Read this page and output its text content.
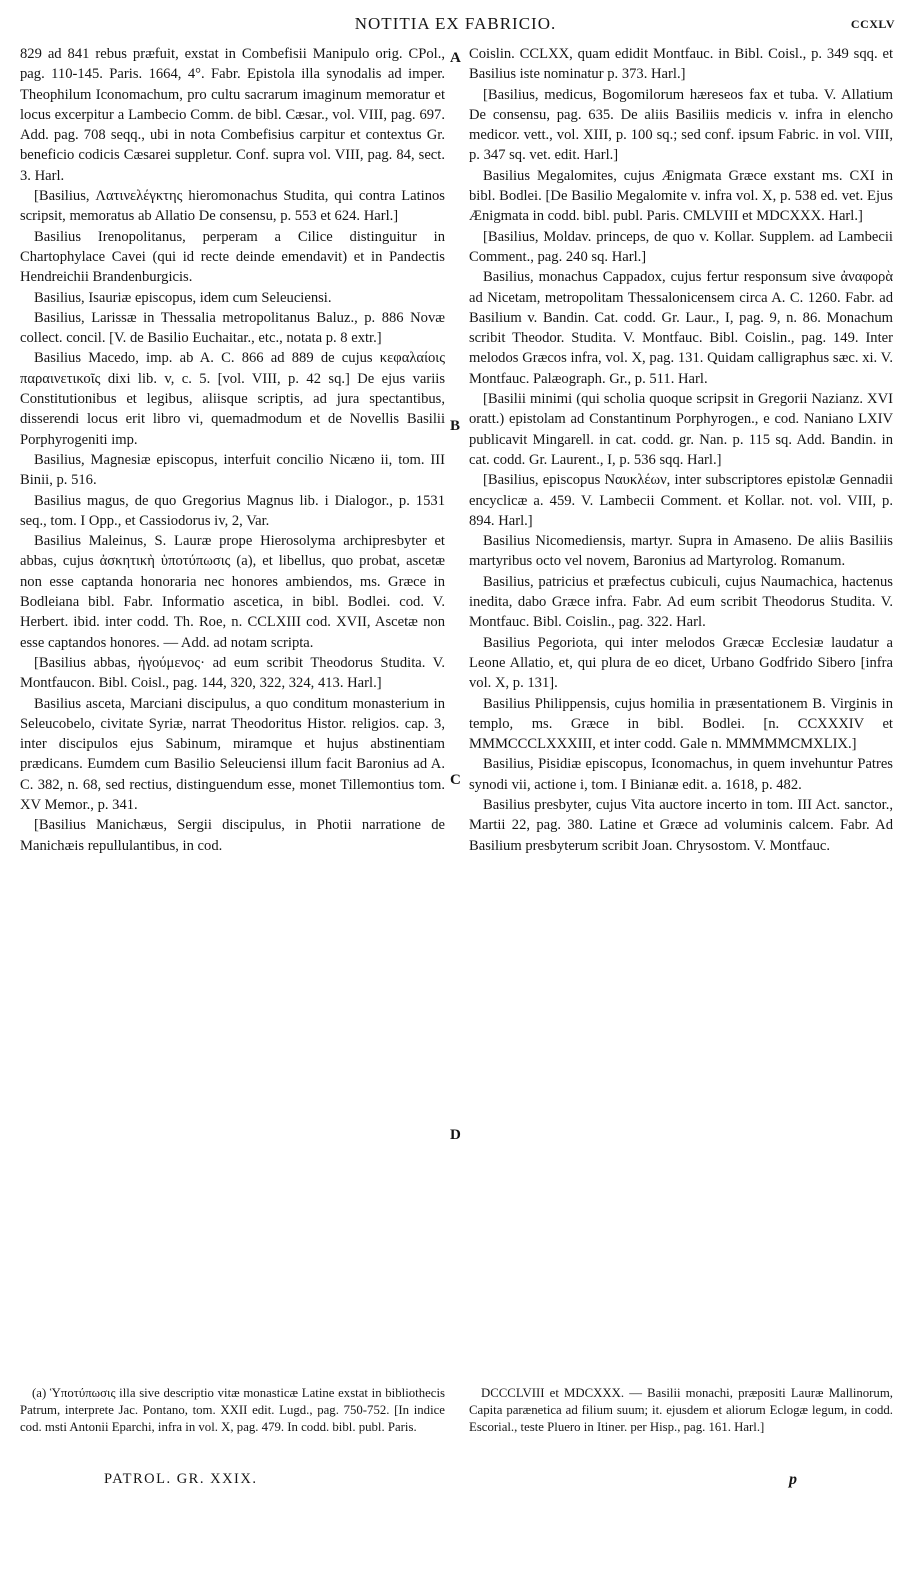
NOTITIA EX FABRICIO.	CCXLV

829 ad 841 rebus præfuit, exstat in Combefisii Manipulo orig. CPol., pag. 110-145. Paris. 1664, 4°. Fabr. Epistola illa synodalis ad imper. Theophilum Iconomachum, pro cultu sacrarum imaginum memoratur et locus excerpitur a Lambecio Comm. de bibl. Cæsar., vol. VIII, pag. 697. Add. pag. 708 seqq., ubi in nota Combefisius carpitur et contextus Gr. beneficio codicis Cæsarei suppletur. Conf. supra vol. VIII, pag. 84, sect. 3. Harl.

[Basilius, Λατινελέγκτης hieromonachus Studita, qui contra Latinos scripsit, memoratus ab Allatio De consensu, p. 553 et 624. Harl.]

Basilius Irenopolitanus, perperam a Cilice distinguitur in Chartophylace Cavei (qui id recte deinde emendavit) et in Pandectis Hendreichii Brandenburgicis.

Basilius, Isauriæ episcopus, idem cum Seleuciensi.

Basilius, Larissæ in Thessalia metropolitanus Baluz., p. 886 Novæ collect. concil. [V. de Basilio Euchaitar., etc., notata p. 8 extr.]

Basilius Macedo, imp. ab A. C. 866 ad 889 de cujus κεφαλαίοις παραινετικοῖς dixi lib. v, c. 5. [vol. VIII, p. 42 sq.] De ejus variis Constitutionibus et legibus, aliisque scriptis, ad jura spectantibus, disserendi locus erit libro vi, quemadmodum et de Novellis Basilii Porphyrogeniti imp.

Basilius, Magnesiæ episcopus, interfuit concilio Nicæno ii, tom. III Binii, p. 516.

Basilius magus, de quo Gregorius Magnus lib. i Dialogor., p. 1531 seq., tom. I Opp., et Cassiodorus iv, 2, Var.

Basilius Maleinus, S. Lauræ prope Hierosolyma archipresbyter et abbas, cujus ἀσκητικὴ ὑποτύπωσις (a), et libellus, quo probat, ascetæ non esse captanda honoraria nec honores ambiendos, ms. Græce in Bodleiana bibl. Fabr. Informatio ascetica, in bibl. Bodlei. cod. V. Herbert. ibid. inter codd. Th. Roe, n. CCLXIII cod. XVII, Ascetæ non esse captandos honores. — Add. ad notam scripta.

[Basilius abbas, ἡγούμενος· ad eum scribit Theodorus Studita. V. Montfaucon. Bibl. Coisl., pag. 144, 320, 322, 324, 413. Harl.]

Basilius asceta, Marciani discipulus, a quo conditum monasterium in Seleucobelo, civitate Syriæ, narrat Theodoritus Histor. religios. cap. 3, inter discipulos ejus Sabinum, miramque et hujus abstinentiam prædicans. Eumdem cum Basilio Seleuciensi illum facit Baronius ad A. C. 382, n. 68, sed rectius, distinguendum esse, monet Tillemontius tom. XV Memor., p. 341.

[Basilius Manichæus, Sergii discipulus, in Photii narratione de Manichæis repullulantibus, in cod.

A
B
C
D

Coislin. CCLXX, quam edidit Montfauc. in Bibl. Coisl., p. 349 sqq. et Basilius iste nominatur p. 373. Harl.]

[Basilius, medicus, Bogomilorum hæreseos fax et tuba. V. Allatium De consensu, pag. 635. De aliis Basiliis medicis v. infra in elencho medicor. vett., vol. XIII, p. 100 sq.; sed conf. ipsum Fabric. in vol. VIII, p. 347 sq. vet. edit. Harl.]

Basilius Megalomites, cujus Ænigmata Græce exstant ms. CXI in bibl. Bodlei. [De Basilio Megalomite v. infra vol. X, p. 538 ed. vet. Ejus Ænigmata in codd. bibl. publ. Paris. CMLVIII et MDCXXX. Harl.]

[Basilius, Moldav. princeps, de quo v. Kollar. Supplem. ad Lambecii Comment., pag. 240 sq. Harl.]

Basilius, monachus Cappadox, cujus fertur responsum sive ἀναφορὰ ad Nicetam, metropolitam Thessalonicensem circa A. C. 1260. Fabr. ad Basilium v. Bandin. Cat. codd. Gr. Laur., I, pag. 9, n. 86. Monachum scribit Theodor. Studita. V. Montfauc. Bibl. Coislin., pag. 149. Inter melodos Græcos infra, vol. X, pag. 131. Quidam calligraphus sæc. xi. V. Montfauc. Palæograph. Gr., p. 511. Harl.

[Basilii minimi (qui scholia quoque scripsit in Gregorii Nazianz. XVI oratt.) epistolam ad Constantinum Porphyrogen., e cod. Naniano LXIV publicavit Mingarell. in cat. codd. gr. Nan. p. 115 sq. Add. Bandin. in cat. codd. Gr. Laurent., I, p. 536 sqq. Harl.]

[Basilius, episcopus Ναυκλέων, inter subscriptores epistolæ Gennadii encyclicæ a. 459. V. Lambecii Comment. et Kollar. not. vol. VIII, p. 894. Harl.]

Basilius Nicomediensis, martyr. Supra in Amaseno. De aliis Basiliis martyribus octo vel novem, Baronius ad Martyrolog. Romanum.

Basilius, patricius et præfectus cubiculi, cujus Naumachica, hactenus inedita, dabo Græce infra. Fabr. Ad eum scribit Theodorus Studita. V. Montfauc. Bibl. Coislin., pag. 322. Harl.

Basilius Pegoriota, qui inter melodos Græcæ Ecclesiæ laudatur a Leone Allatio, et, qui plura de eo dicet, Urbano Godfrido Sibero [infra vol. X, p. 131].

Basilius Philippensis, cujus homilia in præsentationem B. Virginis in templo, ms. Græce in bibl. Bodlei. [n. CCXXXIV et MMMCCCLXXXIII, et inter codd. Gale n. MMMMMCMXLIX.]

Basilius, Pisidiæ episcopus, Iconomachus, in quem invehuntur Patres synodi vii, actione i, tom. I Binianæ edit. a. 1618, p. 482.

Basilius presbyter, cujus Vita auctore incerto in tom. III Act. sanctor., Martii 22, pag. 380. Latine et Græce ad voluminis calcem. Fabr. Ad Basilium presbyterum scribit Joan. Chrysostom. V. Montfauc.

(a) Ὑποτύπωσις illa sive descriptio vitæ monasticæ Latine exstat in bibliothecis Patrum, interprete Jac. Pontano, tom. XXII edit. Lugd., pag. 750-752. [In indice cod. msti Antonii Eparchi, infra in vol. X, pag. 479. In codd. bibl. publ. Paris.

DCCCLVIII et MDCXXX. — Basilii monachi, præpositi Lauræ Mallinorum, Capita parænetica ad filium suum; it. ejusdem et aliorum Eclogæ legum, in codd. Escorial., teste Pluero in Itiner. per Hisp., pag. 161. Harl.]

PATROL. GR. XXIX.	p
